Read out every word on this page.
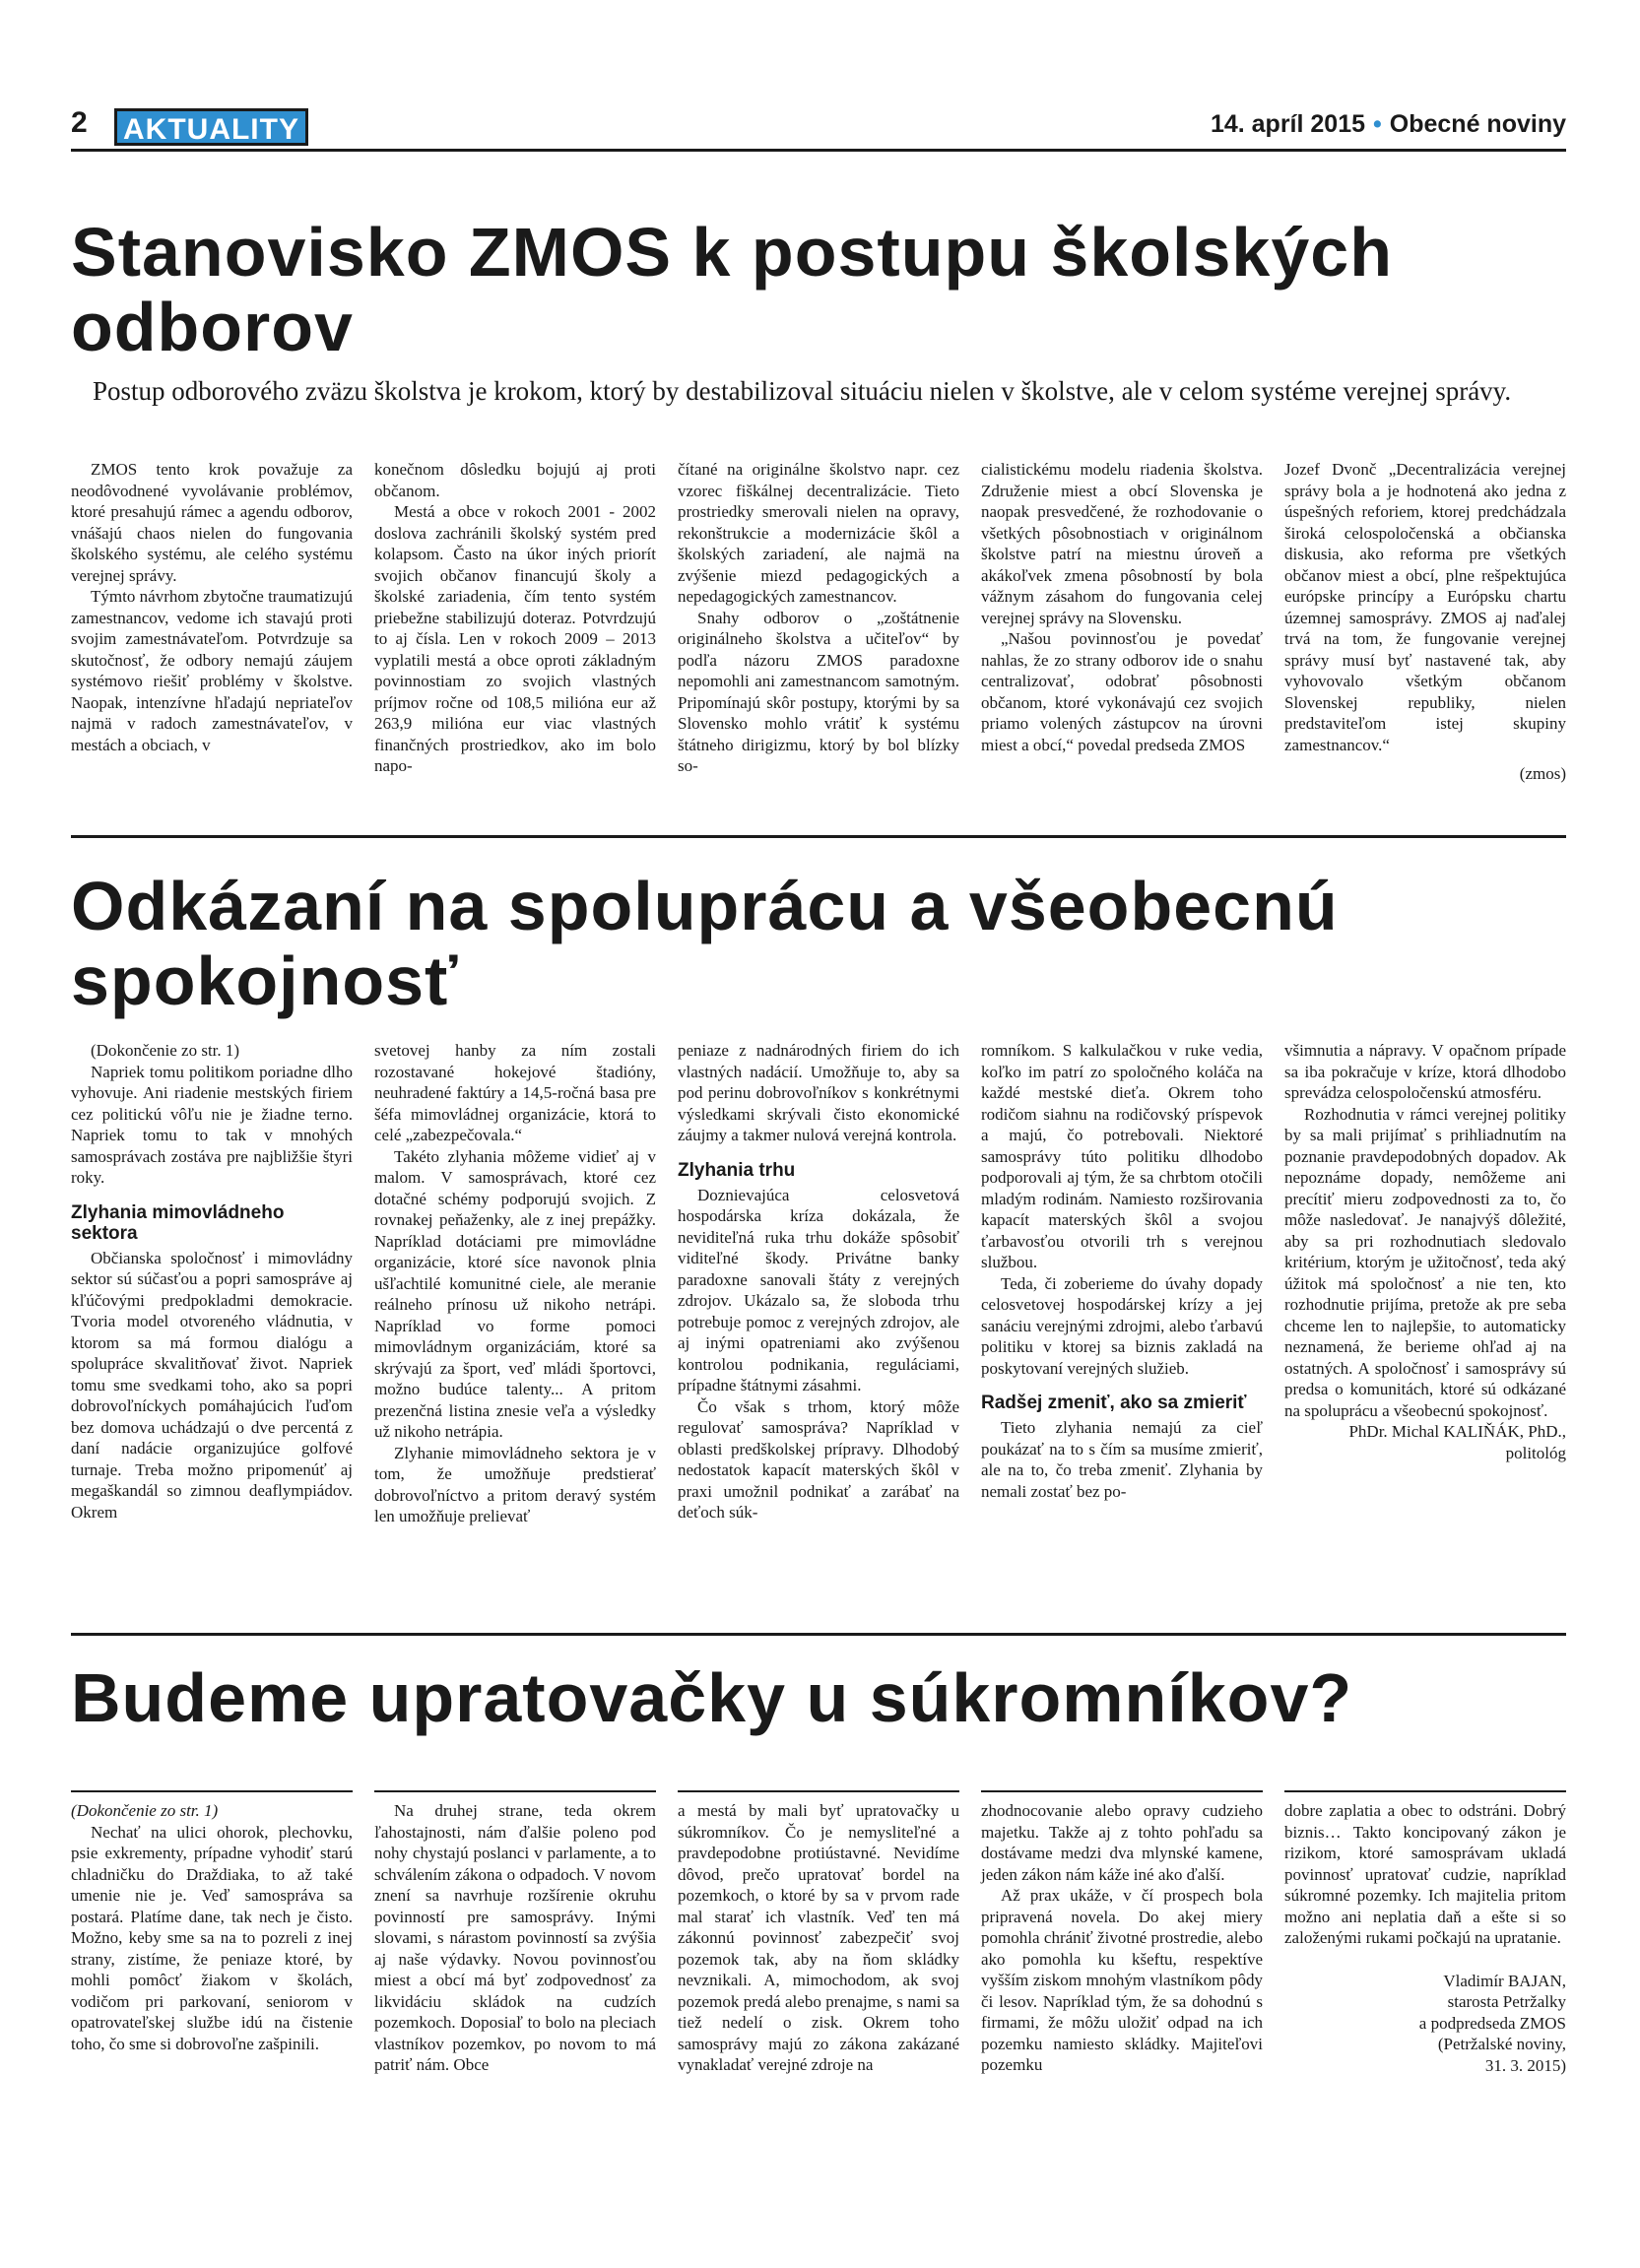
2	AKTUALITY	14. apríl 2015 • Obecné noviny
Stanovisko ZMOS k postupu školských
odborov

Postup odborového zväzu školstva je krokom, ktorý by destabilizoval situáciu nielen v školstve, ale v celom systéme verejnej správy.

ZMOS tento krok považuje za neodôvodnené vyvolávanie problémov, ktoré presahujú rámec a agendu odborov, vnášajú chaos nielen do fungovania školského systému, ale celého systému verejnej správy.

Týmto návrhom zbytočne traumatizujú zamestnancov, vedome ich stavajú proti svojim zamestnávateľom. Potvrdzuje sa skutočnosť, že odbory nemajú záujem systémovo riešiť problémy v školstve. Naopak, intenzívne hľadajú nepriateľov najmä v radoch zamestnávateľov, v mestách a obciach, v

konečnom dôsledku bojujú aj proti občanom.

Mestá a obce v rokoch 2001 - 2002 doslova zachránili školský systém pred kolapsom. Často na úkor iných priorít svojich občanov financujú školy a školské zariadenia, čím tento systém priebežne stabilizujú doteraz. Potvrdzujú to aj čísla. Len v rokoch 2009 – 2013 vyplatili mestá a obce oproti základným povinnostiam zo svojich vlastných príjmov ročne od 108,5 milióna eur až 263,9 milióna eur viac vlastných finančných prostriedkov, ako im bolo napo-

čítané na originálne školstvo napr. cez vzorec fiškálnej decentralizácie. Tieto prostriedky smerovali nielen na opravy, rekonštrukcie a modernizácie škôl a školských zariadení, ale najmä na zvýšenie miezd pedagogických a nepedagogických zamestnancov.

Snahy odborov o „zoštátnenie originálneho školstva a učiteľov“ by podľa názoru ZMOS paradoxne nepomohli ani zamestnancom samotným. Pripomínajú skôr postupy, ktorými by sa Slovensko mohlo vrátiť k systému štátneho dirigizmu, ktorý by bol blízky so-

cialistickému modelu riadenia školstva. Združenie miest a obcí Slovenska je naopak presvedčené, že rozhodovanie o všetkých pôsobnostiach v originálnom školstve patrí na miestnu úroveň a akákoľvek zmena pôsobností by bola vážnym zásahom do fungovania celej verejnej správy na Slovensku.

„Našou povinnosťou je povedať nahlas, že zo strany odborov ide o snahu centralizovať, odobrať pôsobnosti občanom, ktoré vykonávajú cez svojich priamo volených zástupcov na úrovni miest a obcí,“ povedal predseda ZMOS

Jozef Dvonč „Decentralizácia verejnej správy bola a je hodnotená ako jedna z úspešných reforiem, ktorej predchádzala široká celospoločenská a občianska diskusia, ako reforma pre všetkých občanov miest a obcí, plne rešpektujúca európske princípy a Európsku chartu územnej samosprávy. ZMOS aj naďalej trvá na tom, že fungovanie verejnej správy musí byť nastavené tak, aby vyhovovalo všetkým občanom Slovenskej republiky, nielen predstaviteľom istej skupiny zamestnancov.“

(zmos)

Odkázaní na spoluprácu a všeobecnú
spokojnosť

(Dokončenie zo str. 1)

Napriek tomu politikom poriadne dlho vyhovuje. Ani riadenie mestských firiem cez politickú vôľu nie je žiadne terno. Napriek tomu to tak v mnohých samosprávach zostáva pre najbližšie štyri roky.

Zlyhania mimovládneho sektora

Občianska spoločnosť i mimovládny sektor sú súčasťou a popri samospráve aj kľúčovými predpokladmi demokracie. Tvoria model otvoreného vládnutia, v ktorom sa má formou dialógu a spolupráce skvalitňovať život. Napriek tomu sme svedkami toho, ako sa popri dobrovoľníckych pomáhajúcich ľuďom bez domova uchádzajú o dve percentá z daní nadácie organizujúce golfové turnaje. Treba možno pripomenúť aj megaškandál so zimnou deaflympiádov. Okrem

svetovej hanby za ním zostali rozostavané hokejové štadióny, neuhradené faktúry a 14,5-ročná basa pre šéfa mimovládnej organizácie, ktorá to celé „zabezpečovala.“

Takéto zlyhania môžeme vidieť aj v malom. V samosprávach, ktoré cez dotačné schémy podporujú svojich. Z rovnakej peňaženky, ale z inej prepážky. Napríklad dotáciami pre mimovládne organizácie, ktoré síce navonok plnia ušľachtilé komunitné ciele, ale meranie reálneho prínosu už nikoho netrápi. Napríklad vo forme pomoci mimovládnym organizáciám, ktoré sa skrývajú za šport, veď mládi športovci, možno budúce talenty... A pritom prezenčná listina znesie veľa a výsledky už nikoho netrápia.

Zlyhanie mimovládneho sektora je v tom, že umožňuje predstierať dobrovoľníctvo a pritom deravý systém len umožňuje prelievať

peniaze z nadnárodných firiem do ich vlastných nadácií. Umožňuje to, aby sa pod perinu dobrovoľníkov s konkrétnymi výsledkami skrývali čisto ekonomické záujmy a takmer nulová verejná kontrola.

Zlyhania trhu

Doznievajúca celosvetová hospodárska kríza dokázala, že neviditeľná ruka trhu dokáže spôsobiť viditeľné škody. Privátne banky paradoxne sanovali štáty z verejných zdrojov. Ukázalo sa, že sloboda trhu potrebuje pomoc z verejných zdrojov, ale aj inými opatreniami ako zvýšenou kontrolou podnikania, reguláciami, prípadne štátnymi zásahmi.

Čo však s trhom, ktorý môže regulovať samospráva? Napríklad v oblasti predškolskej prípravy. Dlhodobý nedostatok kapacít materských škôl v praxi umožnil podnikať a zarábať na deťoch súk-

romníkom. S kalkulačkou v ruke vedia, koľko im patrí zo spoločného koláča na každé mestské dieťa. Okrem toho rodičom siahnu na rodičovský príspevok a majú, čo potrebovali. Niektoré samosprávy túto politiku dlhodobo podporovali aj tým, že sa chrbtom otočili mladým rodinám. Namiesto rozširovania kapacít materských škôl a svojou ťarbavosťou otvorili trh s verejnou službou.

Teda, či zoberieme do úvahy dopady celosvetovej hospodárskej krízy a jej sanáciu verejnými zdrojmi, alebo ťarbavú politiku v ktorej sa biznis zakladá na poskytovaní verejných služieb.

Radšej zmeniť, ako sa zmieriť

Tieto zlyhania nemajú za cieľ poukázať na to s čím sa musíme zmieriť, ale na to, čo treba zmeniť. Zlyhania by nemali zostať bez po-

všimnutia a nápravy. V opačnom prípade sa iba pokračuje v krízе, ktorá dlhodobo sprevádza celospoločenskú atmosféru.

Rozhodnutia v rámci verejnej politiky by sa mali prijímať s prihliadnutím na poznanie pravdepodobných dopadov. Ak nepoznáme dopady, nemôžeme ani precítiť mieru zodpovednosti za to, čo môže nasledovať. Je nanajvýš dôležité, aby sa pri rozhodnutiach sledovalo kritérium, ktorým je užitočnosť, teda aký úžitok má spoločnosť a nie ten, kto rozhodnutie prijíma, pretože ak pre seba chceme len to najlepšie, to automaticky neznamená, že berieme ohľad aj na ostatných. A spoločnosť i samosprávy sú predsa o komunitách, ktoré sú odkázané na spoluprácu a všeobecnú spokojnosť.

PhDr. Michal KALIŇÁK, PhD.,

politológ

Budeme upratovačky u súkromníkov?

(Dokončenie zo str. 1)

Nechať na ulici ohorok, plechovku, psie exkrementy, prípadne vyhodiť starú chladničku do Draždiaka, to až také umenie nie je. Veď samospráva sa postará. Platíme dane, tak nech je čisto. Možno, keby sme sa na to pozreli z inej strany, zistíme, že peniaze ktoré, by mohli pomôcť žiakom v školách, vodičom pri parkovaní, seniorom v opatrovateľskej službe idú na čistenie toho, čo sme si dobrovoľne zašpinili.

Na druhej strane, teda okrem ľahostajnosti, nám ďalšie polenо pod nohy chystajú poslanci v parlamente, a to schválením zákona o odpadoch. V novom znení sa navrhuje rozšírenie okruhu povinností pre samosprávy. Inými slovami, s nárastom povinností sa zvýšia aj naše výdavky. Novou povinnosťou miest a obcí má byť zodpovednosť za likvidáciu skládok na cudzích pozemkoch. Doposiaľ to bolo na pleciach vlastníkov pozemkov, po novom to má patriť nám. Obce

a mestá by mali byť upratovačky u súkromníkov. Čo je nemysliteľné a pravdepodobne protiústavné. Nevidíme dôvod, prečo upratovať bordel na pozemkoch, o ktoré by sa v prvom rade mal starať ich vlastník. Veď ten má zákonnú povinnosť zabezpečiť svoj pozemok tak, aby na ňom skládky nevznikali. A, mimochodom, ak svoj pozemok predá alebo prenajme, s nami sa tiež nedelí o zisk. Okrem toho samosprávy majú zo zákona zakázané vynakladať verejné zdroje na

zhodnocovanie alebo opravy cudzieho majetku. Takže aj z tohto pohľadu sa dostávame medzi dva mlynské kamene, jeden zákon nám káže iné ako ďalší.

Až prax ukáže, v čí prospech bola pripravená novela. Do akej miery pomohla chrániť životné prostredie, alebo ako pomohla ku kšeftu, respektíve vyšším ziskom mnohým vlastníkom pôdy či lesov. Napríklad tým, že sa dohodnú s firmami, že môžu uložiť odpad na ich pozemku namiesto skládky. Majiteľovi pozemku

dobre zaplatia a obec to odstráni. Dobrý biznis… Takto koncipovaný zákon je rizikom, ktoré samosprávam ukladá povinnosť upratovať cudzie, napríklad súkromné pozemky. Ich majitelia pritom možno ani neplatia daň a ešte si so založenými rukami počkajú na upratanie.

Vladimír BAJAN,

starosta Petržalky

a podpredseda ZMOS

(Petržalské noviny,

31. 3. 2015)
